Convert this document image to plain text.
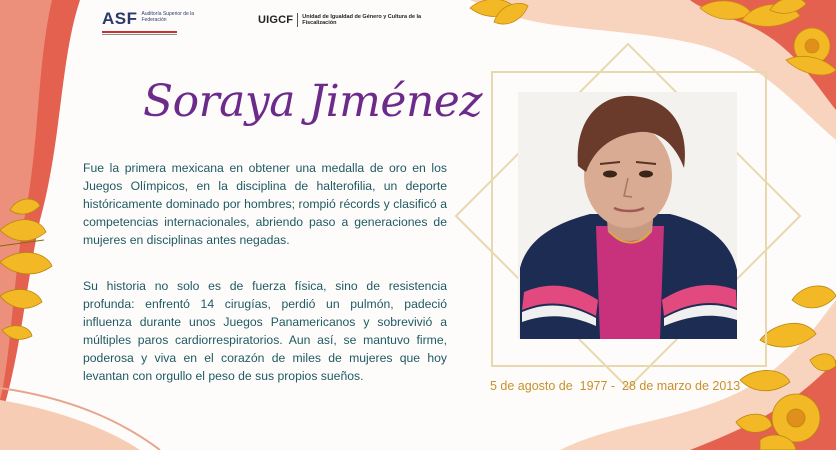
ASF Auditoría Superior de la Federación	UIGCF Unidad de Igualdad de Género y Cultura de la Fiscalización
Soraya Jiménez

Fue la primera mexicana en obtener una medalla de oro en los Juegos Olímpicos, en la disciplina de halterofilia, un deporte históricamente dominado por hombres; rompió récords y clasificó a competencias internacionales, abriendo paso a generaciones de mujeres en disciplinas antes negadas.

Su historia no solo es de fuerza física, sino de resistencia profunda: enfrentó 14 cirugías, perdió un pulmón, padeció influenza durante unos Juegos Panamericanos y sobrevivió a múltiples paros cardiorrespiratorios. Aun así, se mantuvo firme, poderosa y viva en el corazón de miles de mujeres que hoy levantan con orgullo el peso de sus propios sueños.

5 de agosto de  1977 -  28 de marzo de 2013
